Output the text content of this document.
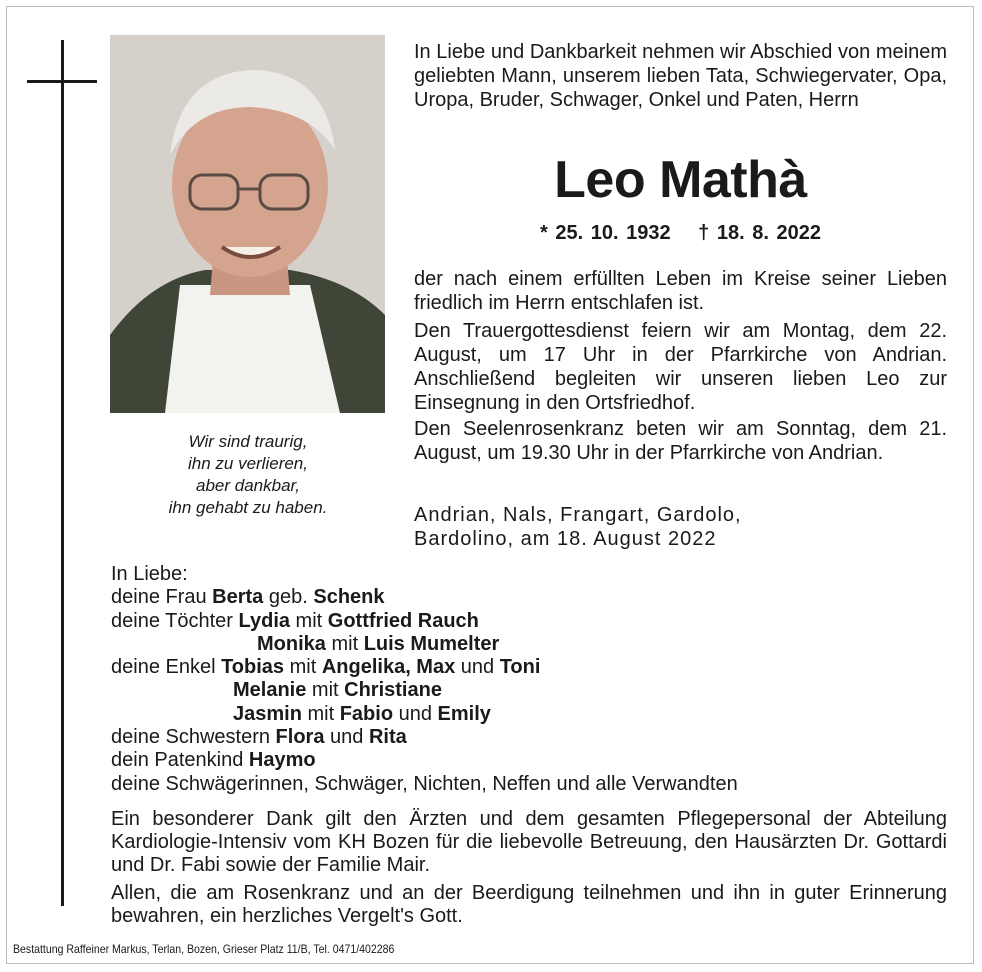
Wir sind traurig,
ihn zu verlieren,
aber dankbar,
ihn gehabt zu haben.
In Liebe und Dankbarkeit nehmen wir Abschied von meinem geliebten Mann, unserem lieben Tata, Schwiegervater, Opa, Uropa, Bruder, Schwager, Onkel und Paten, Herrn
Leo Mathà
* 25. 10. 1932 † 18. 8. 2022
der nach einem erfüllten Leben im Kreise seiner Lieben friedlich im Herrn entschlafen ist.
Den Trauergottesdienst feiern wir am Montag, dem 22. August, um 17 Uhr in der Pfarrkirche von Andrian. Anschließend begleiten wir unseren lieben Leo zur Einsegnung in den Ortsfriedhof.
Den Seelenrosenkranz beten wir am Sonntag, dem 21. August, um 19.30 Uhr in der Pfarrkirche von Andrian.
Andrian, Nals, Frangart, Gardolo,
Bardolino, am 18. August 2022
In Liebe:
deine Frau Berta geb. Schenk
deine Töchter Lydia mit Gottfried Rauch
Monika mit Luis Mumelter
deine Enkel Tobias mit Angelika, Max und Toni
Melanie mit Christiane
Jasmin mit Fabio und Emily
deine Schwestern Flora und Rita
dein Patenkind Haymo
deine Schwägerinnen, Schwäger, Nichten, Neffen und alle Verwandten
Ein besonderer Dank gilt den Ärzten und dem gesamten Pflegepersonal der Abteilung Kardiologie-Intensiv vom KH Bozen für die liebevolle Betreuung, den Hausärzten Dr. Gottardi und Dr. Fabi sowie der Familie Mair.
Allen, die am Rosenkranz und an der Beerdigung teilnehmen und ihn in guter Erinnerung bewahren, ein herzliches Vergelt's Gott.
Bestattung Raffeiner Markus, Terlan, Bozen, Grieser Platz 11/B, Tel. 0471/402286
